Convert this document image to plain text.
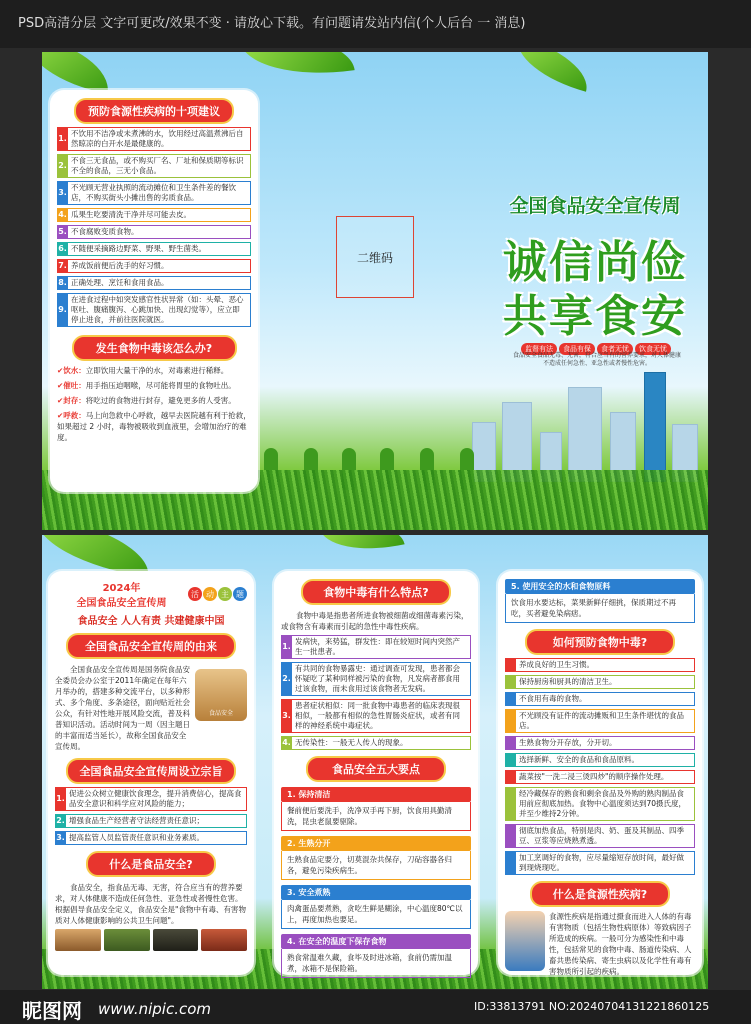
PSD高清分层 文字可更改/效果不变 · 请放心下载。有问题请发站内信(个人后台 一 消息)
预防食源性疾病的十项建议
1.
不饮用不洁净或未煮沸的水，饮用经过高温煮沸后自然晾凉的白开水是最健康的。
2.
不食三无食品，或不购买厂名、厂址和保质期等标识不全的食品，三无小食品。
3.
不光顾无营业执照的流动摊位和卫生条件差的餐饮店，不购买街头小摊出售的劣质食品。
4. 瓜果生吃要清洗干净并尽可能去皮。
5. 不食腐败变质食物。
6. 不随便采摘路边野菜、野果、野生菌类。
7. 养成饭前便后洗手的好习惯。
8. 正确处理、烹饪和食用食品。
9.
在进食过程中如突发感官性状异常（如：头晕、恶心呕吐、腹痛腹泻、心跳加快、出现幻觉等），应立即停止进食，并前往医院就医。
发生食物中毒该怎么办?
✔饮水：立即饮用大量干净的水，对毒素进行稀释。
✔催吐：用手指压迫咽喉，尽可能将胃里的食物吐出。
✔封存：将吃过的食物进行封存，避免更多的人受害。
✔呼救：马上向急救中心呼救，越早去医院越有利于抢救，如果超过 2 小时，毒物被吸收到血液里，会增加治疗的难度。
二维码
全国食品安全宣传周
诚信尚俭
共享食安
监督有法 食品有保 食者无忧 饮食无忧
食品安全食品无毒、无害，符合应当有的营养要求，对人体健康不造成任何急性、亚急性或者慢性危害。
2024年
全国食品安全宣传周
活 动 主 题
食品安全 人人有责 共建健康中国
全国食品安全宣传周的由来
全国食品安全宣传周是国务院食品安全委员会办公室于2011年确定在每年六月举办的，搭建多种交流平台，以多种形式、多个角度、多条途径，面向贴近社会公众，有针对性地开展风险交流，普及科普知识活动。活动时间为一周（因主题日的丰富而适当延长），故称全国食品安全宣传周。
食品安全
全国食品安全宣传周设立宗旨
1.
促进公众树立健康饮食理念，提升消费信心，提高食品安全意识和科学应对风险的能力；
2. 增强食品生产经营者守法经营责任意识；
3. 提高监管人员监管责任意识和业务素质。
什么是食品安全?
食品安全，指食品无毒、无害，符合应当有的营养要求，对人体健康不造成任何急性、亚急性或者慢性危害。根据倡导食品安全定义，食品安全是"食物中有毒、有害物质对人体健康影响的公共卫生问题"。
食物中毒有什么特点?
食物中毒是指患者所进食物被细菌或细菌毒素污染，或食物含有毒素而引起的急性中毒性疾病。
1.
发病快，来势猛，群发性：即在较短时间内突然产生一批患者。
2.
有共同的食物暴露史：通过调查可发现，患者都会怀疑吃了某种同样被污染的食物，凡发病者都食用过该食物，而未食用过该食物者无发病。
3.
患者症状相似：同一批食物中毒患者的临床表现很相似，一般都有相似的急性胃肠炎症状，或者有同样的神经系统中毒症状。
4. 无传染性：一般无人传人的现象。
食品安全五大要点
1. 保持清洁
餐前便后要洗手，洗净双手再下厨，饮食用具勤清洗，昆虫老鼠要驱除。
2. 生熟分开
生熟食品定要分，切莫混杂共保存，刀砧容器各归各，避免污染疾病生。
3. 安全煮熟
肉禽蛋品要煮熟，贪吃生鲜是糊涂，中心温度80℃以上，再度加热也要足。
4. 在安全的温度下保存食物
熟食常温难久藏，食毕及时进冰箱，食前仍需加温煮，冰箱不是保险箱。
5. 使用安全的水和食物原料
饮食用水要达标，菜果新鲜仔细挑，保质期过不再吃，买者避免染病痞。
如何预防食物中毒?
养成良好的卫生习惯。
保持厨房和厨具的清洁卫生。
不食用有毒的食物。
不光顾没有证件的流动摊贩和卫生条件堪忧的食品店。
生熟食物分开存放，分开切。
选择新鲜、安全的食品和食品原料。
蔬菜按"一洗二浸三烫四炒"的顺序操作处理。
经冷藏保存的熟食和剩余食品及外购的熟肉制品食用前应彻底加热。食物中心温度须达到70摄氏度，并至少维持2分钟。
彻底加热食品，特别是肉、奶、蛋及其制品、四季豆、豆浆等应烧熟煮透。
加工烹调好的食物，应尽量缩短存放时间，最好做到现烧现吃。
什么是食源性疾病?
食源性疾病是指通过摄食而进入人体的有毒有害物质（包括生物性病原体）等致病因子所造成的疾病。一般可分为感染性和中毒性，包括常见的食物中毒、肠道传染病、人畜共患传染病、寄生虫病以及化学性有毒有害物质所引起的疾病。
昵图网 www.nipic.com	ID:33813791 NO:20240704131221860125
